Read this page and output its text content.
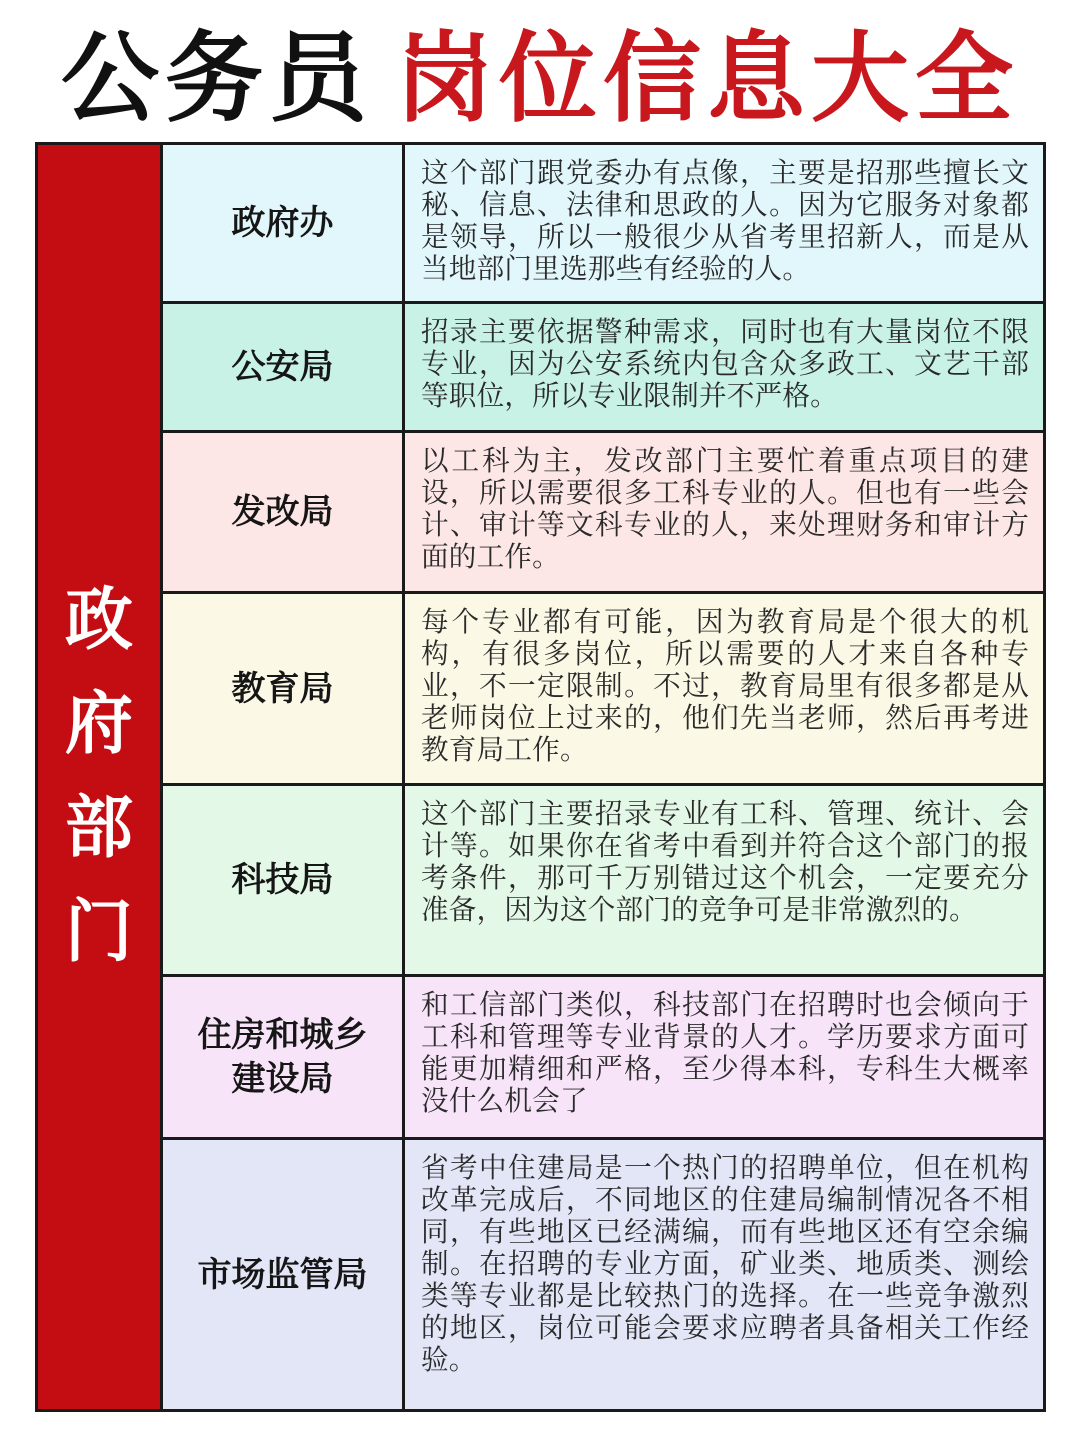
公务员 岗位信息大全
政府部门
政府办
这个部门跟党委办有点像，主要是招那些擅长文秘、信息、法律和思政的人。因为它服务对象都是领导，所以一般很少从省考里招新人，而是从当地部门里选那些有经验的人。
公安局
招录主要依据警种需求，同时也有大量岗位不限专业，因为公安系统内包含众多政工、文艺干部等职位，所以专业限制并不严格。
发改局
以工科为主，发改部门主要忙着重点项目的建设，所以需要很多工科专业的人。但也有一些会计、审计等文科专业的人，来处理财务和审计方面的工作。
教育局
每个专业都有可能，因为教育局是个很大的机构，有很多岗位，所以需要的人才来自各种专业，不一定限制。不过，教育局里有很多都是从老师岗位上过来的，他们先当老师，然后再考进教育局工作。
科技局
这个部门主要招录专业有工科、管理、统计、会计等。如果你在省考中看到并符合这个部门的报考条件，那可千万别错过这个机会，一定要充分准备，因为这个部门的竞争可是非常激烈的。
住房和城乡建设局
和工信部门类似，科技部门在招聘时也会倾向于工科和管理等专业背景的人才。学历要求方面可能更加精细和严格，至少得本科，专科生大概率没什么机会了
市场监管局
省考中住建局是一个热门的招聘单位，但在机构改革完成后，不同地区的住建局编制情况各不相同，有些地区已经满编，而有些地区还有空余编制。在招聘的专业方面，矿业类、地质类、测绘类等专业都是比较热门的选择。在一些竞争激烈的地区，岗位可能会要求应聘者具备相关工作经验。
